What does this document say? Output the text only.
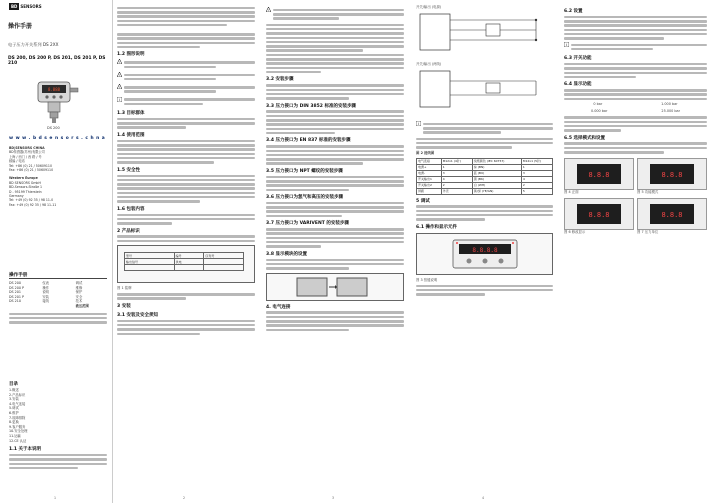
BD SENSORS
操作手册
电子压力开关系列 DS 2XX
DS 200, DS 200 P, DS 201, DS 201 P, DS 210
8.888
DS 200
w w w . b d s e n s o r s . c h n a
BD|SENSORS CHINA
BD传感器(苏州)有限公司
上海 / 西门 / 西 路 / 号
邮编 / 电话
Tel: +86 (0) 21 / 50609110
Fax: +86 (0) 21 / 50609110
Western Europe
BD SENSORS GmbH
BD-Sensors-Straße 1
D - 95199 Thierstein
Germany
Tel: +49 (0) 92 35 / 98 11-0
Fax: +49 (0) 92 35 / 98 11-11
操作手册
DS 200	仪表	调试
DS 200 P	操作	维修
DS 201	说明	保护
DS 201 P	安装	安全
DS 210	接线	技术
液压范围
目录
1.概述
2.产品标识
3.安装
4.电气连接
5.调试
6.维护
7.故障排除
8.更换
9.客户服务
10.安全处理
11.运输
12.CE 认证
1.1 关于本说明
1
1.2 图形说明
!
!
!
i
1.3 目标群体
1.4 使用范围
1.5 安全性
1.6 包装内容
2 产品标识
型号	编号	序列号
输出信号	供电	

图 1 铭牌
3 安装
3.1 安装及安全须知
2
!
3.2 安装步骤
3.3 压力接口为 DIN 3852 标准的安装步骤
3.4 压力接口为 EN 837 标准的安装步骤
3.5 压力接口为 NPT 螺纹的安装步骤
3.6 压力接口为氢气和高压的安装步骤
3.7 压力接口为 VARIVENT 的安装步骤
3.8 显示模块的设置
4. 电气连接
3
开关/输出 (电源)
开关/输出 (两线)
i
图 2 接线图
电气连接	M12x1 (4针)	线缆颜色 (IEC 60757)	M12x1 (5针)
电源+	1	棕 (BN)	1
电源-	3	蓝 (BU)	3
开关输出1	4	黑 (BK)	4
开关输出2	2	白 (WH)	2
屏蔽	外壳	黄/绿 (YE/GN)	5
5 调试
6.1 操作和显示元件
8.8.8.8
图 3 按键说明
4
6.2 设置
i
6.3 开关功能
6.4 显示功能
0 bar	1.000 bar
0.000 bar	25.000 bar
6.5 选择模式和设置
8.8.8
图 4 正面
8.8.8
图 5 功能模式
8.8.8
图 6 修改显示
8.8.8
图 7 压力单位
